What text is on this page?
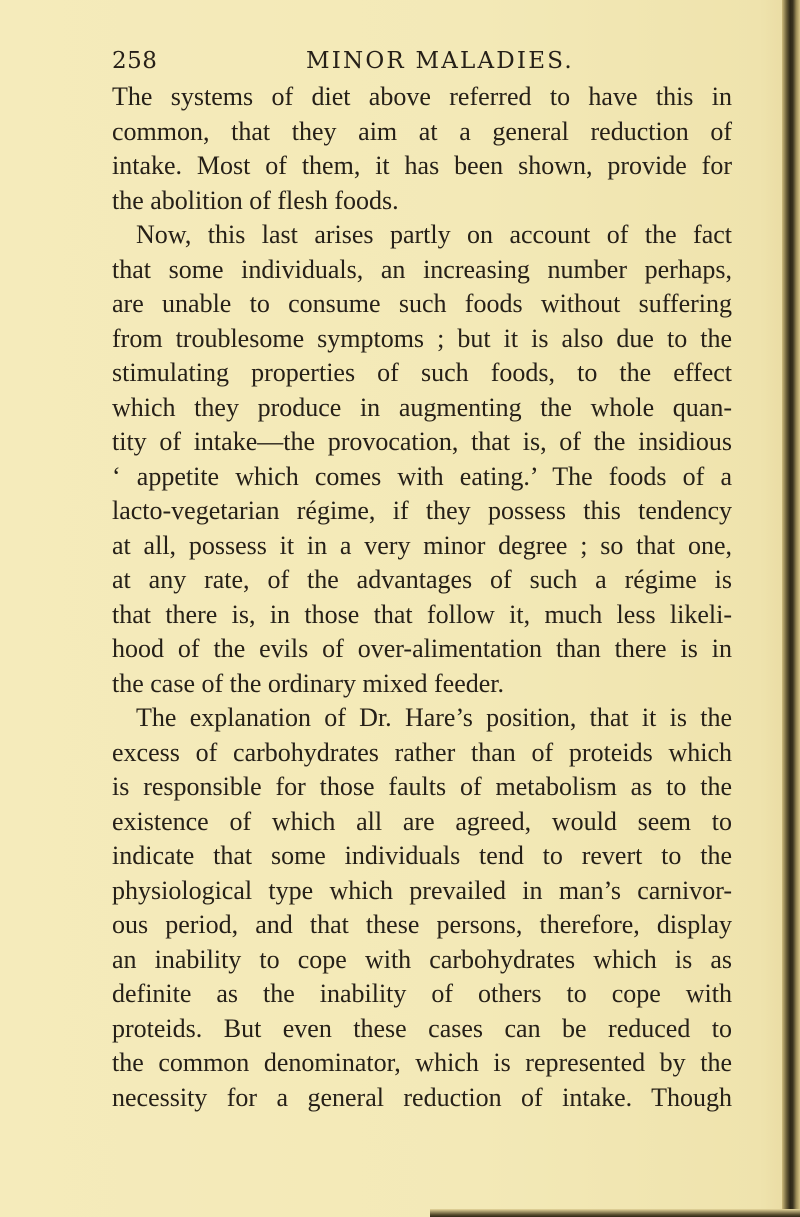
258	MINOR MALADIES.
The systems of diet above referred to have this in
common, that they aim at a general reduction of
intake. Most of them, it has been shown, provide for
the abolition of flesh foods.
Now, this last arises partly on account of the fact
that some individuals, an increasing number perhaps,
are unable to consume such foods without suffering
from troublesome symptoms ; but it is also due to the
stimulating properties of such foods, to the effect
which they produce in augmenting the whole quan-
tity of intake—the provocation, that is, of the insidious
‘ appetite which comes with eating.’ The foods of a
lacto-vegetarian régime, if they possess this tendency
at all, possess it in a very minor degree ; so that one,
at any rate, of the advantages of such a régime is
that there is, in those that follow it, much less likeli-
hood of the evils of over-alimentation than there is in
the case of the ordinary mixed feeder.
The explanation of Dr. Hare’s position, that it is the
excess of carbohydrates rather than of proteids which
is responsible for those faults of metabolism as to the
existence of which all are agreed, would seem to
indicate that some individuals tend to revert to the
physiological type which prevailed in man’s carnivor-
ous period, and that these persons, therefore, display
an inability to cope with carbohydrates which is as
definite as the inability of others to cope with
proteids. But even these cases can be reduced to
the common denominator, which is represented by the
necessity for a general reduction of intake. Though
